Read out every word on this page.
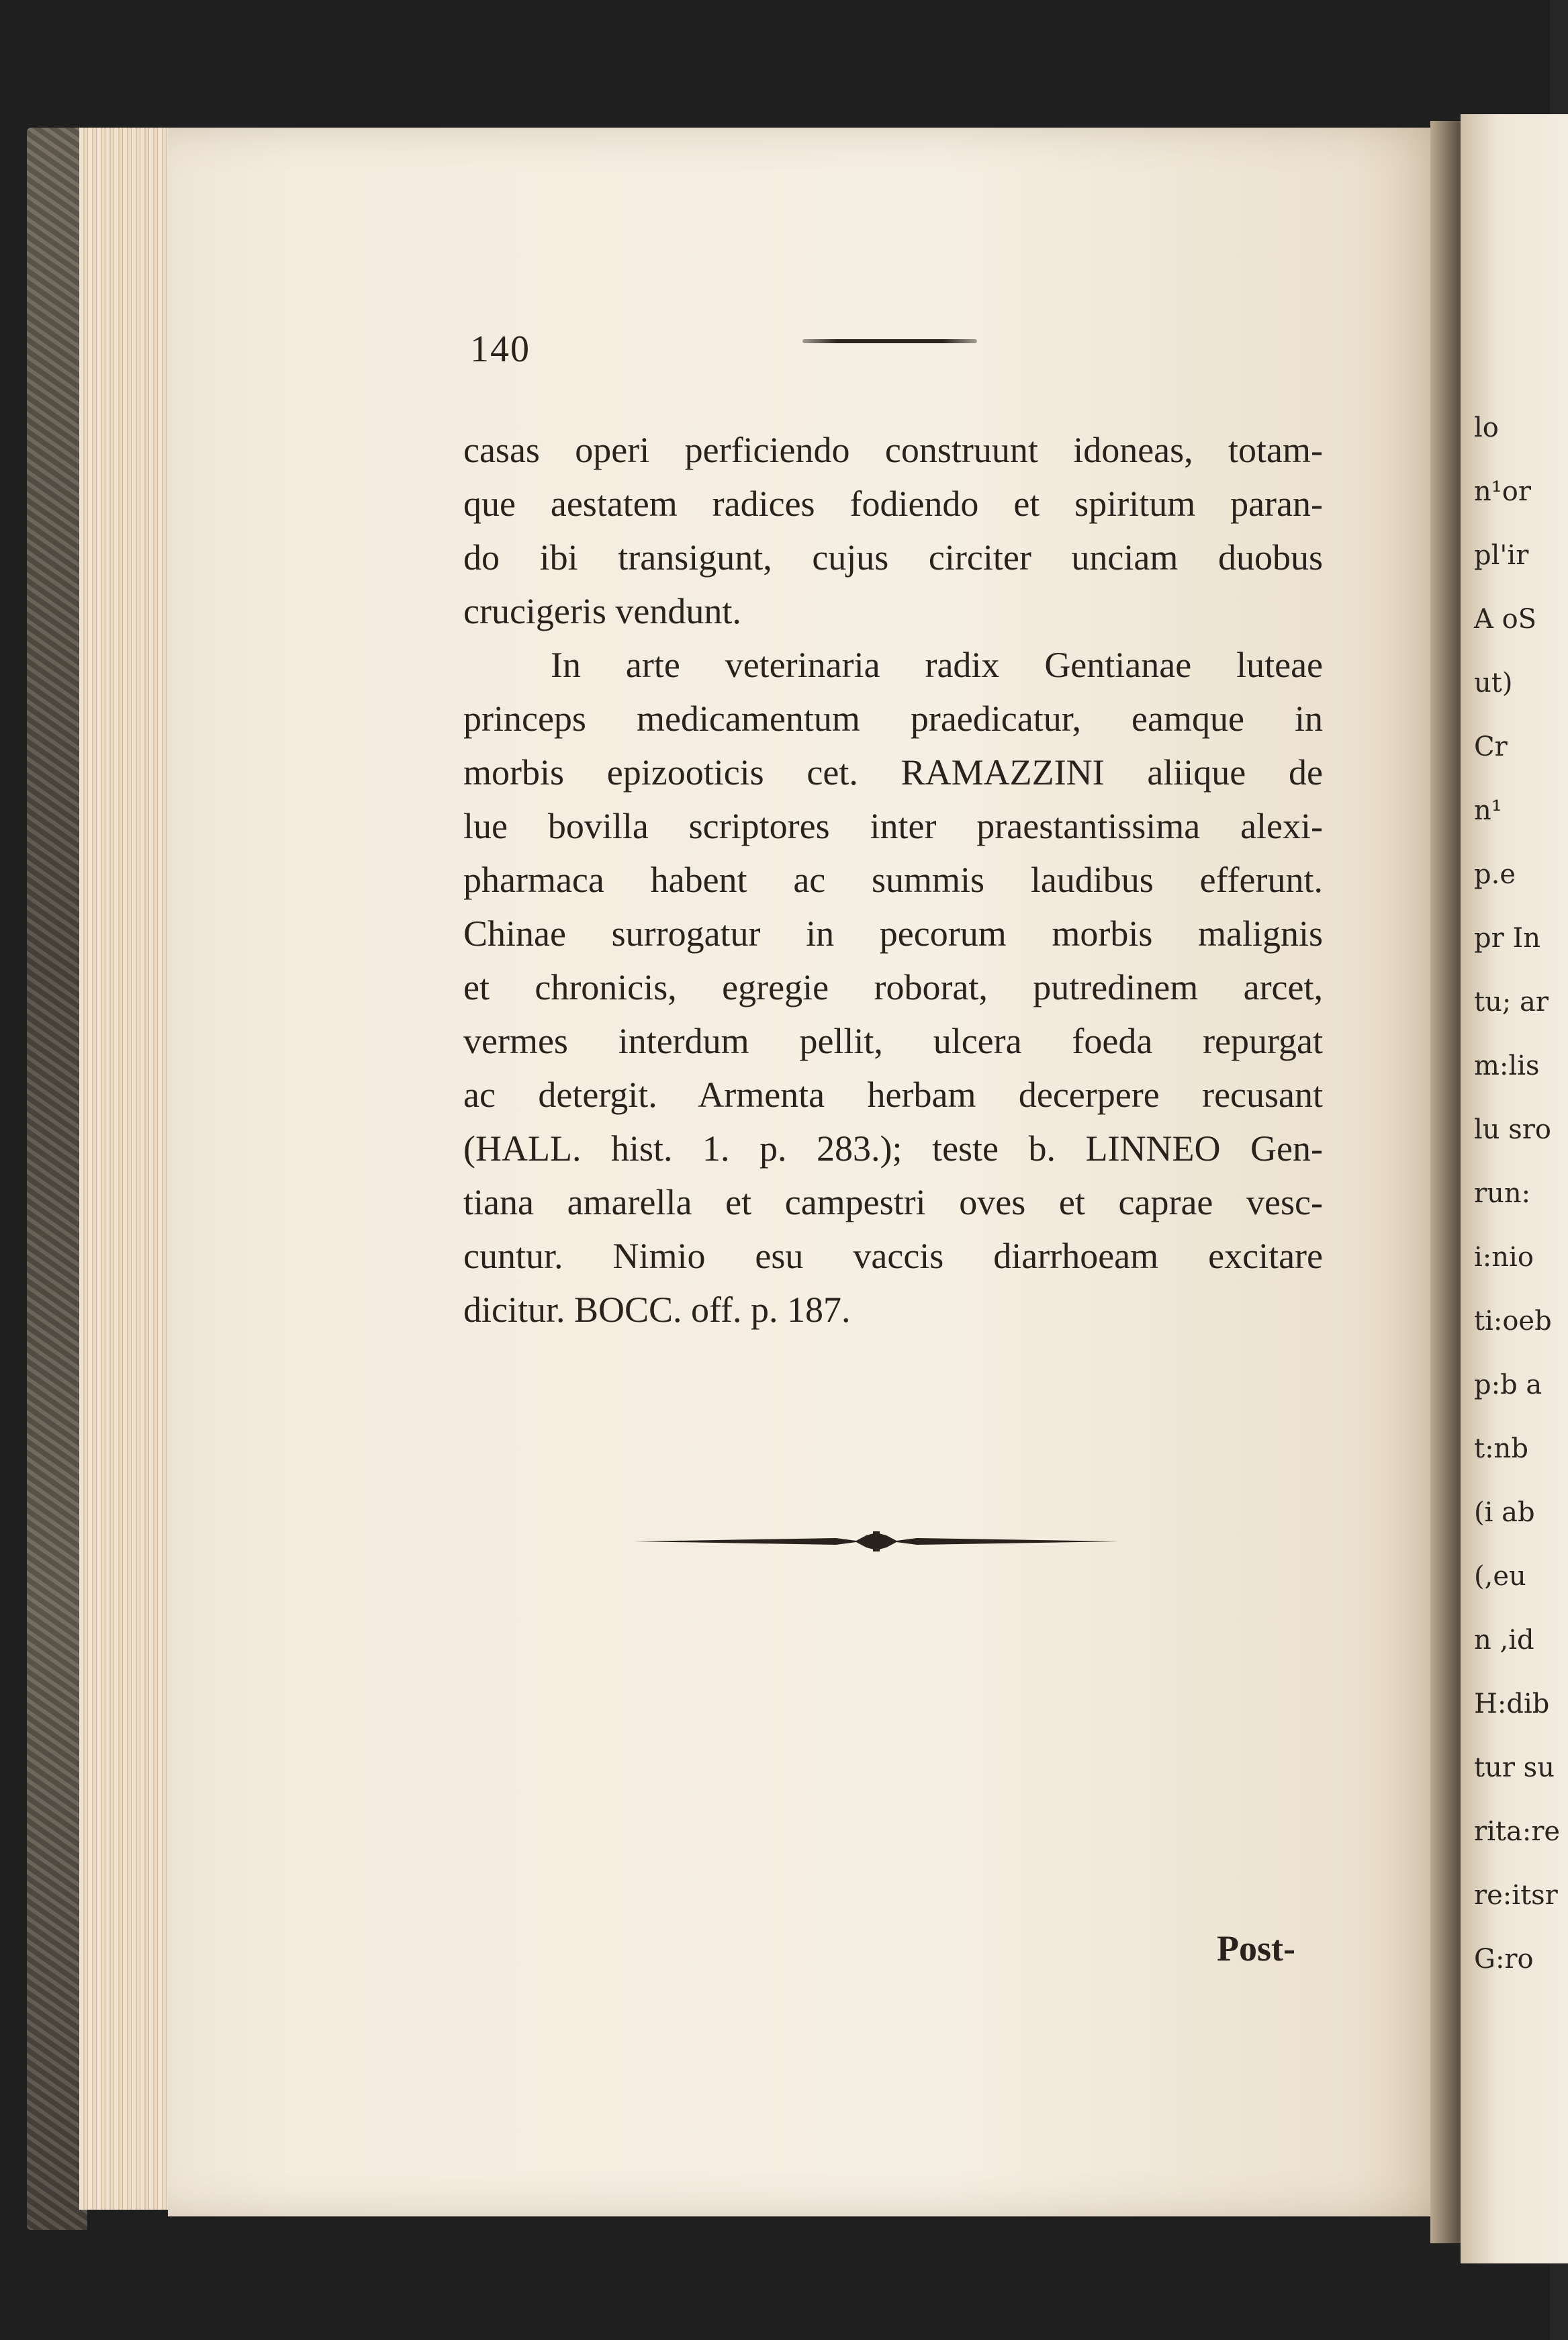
lo
n¹or
pl'ir
A oS
ut)
Cr
n¹
p.e
pr In
tu; ar
m:lis
lu sro
run:
i:nio
ti:oeb
p:b a
t:nb
(i ab
(,eu
n ,id
H:dib
tur su
rita:re
re:itsr
G:ro
140
casas operi perficiendo construunt idoneas, totam-
que aestatem radices fodiendo et spiritum paran-
do ibi transigunt, cujus circiter unciam duobus
crucigeris vendunt.
In arte veterinaria radix Gentianae luteae
princeps medicamentum praedicatur, eamque in
morbis epizooticis cet. RAMAZZINI aliique de
lue bovilla scriptores inter praestantissima alexi-
pharmaca habent ac summis laudibus efferunt.
Chinae surrogatur in pecorum morbis malignis
et chronicis, egregie roborat, putredinem arcet,
vermes interdum pellit, ulcera foeda repurgat
ac detergit. Armenta herbam decerpere recusant
(HALL. hist. 1. p. 283.); teste b. LINNEO Gen-
tiana amarella et campestri oves et caprae vesc-
cuntur. Nimio esu vaccis diarrhoeam excitare
dicitur. BOCC. off. p. 187.
Post-
